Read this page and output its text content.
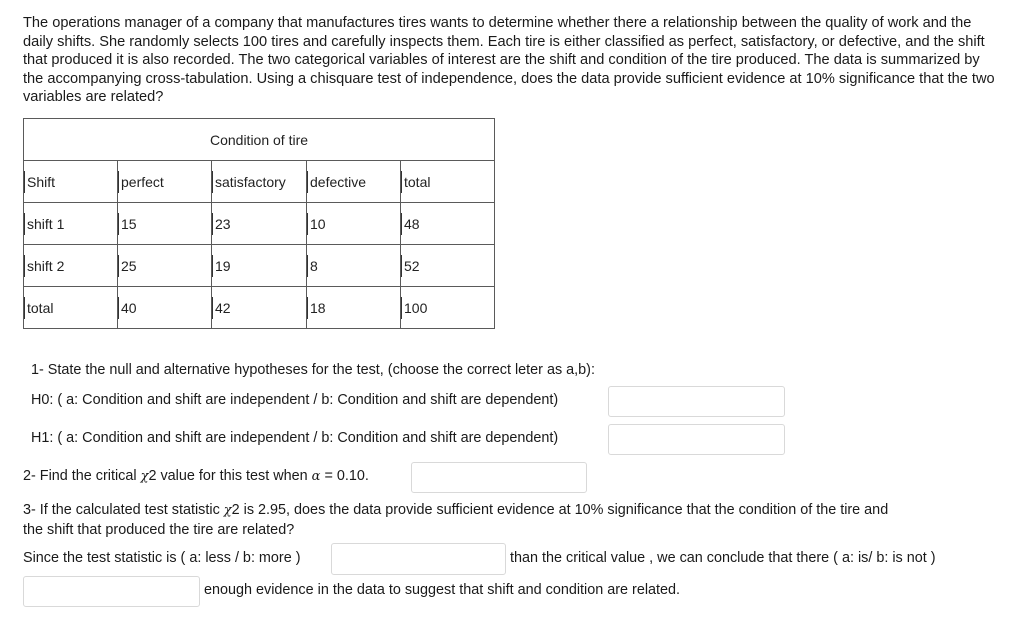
The operations manager of a company that manufactures tires wants to determine whether there a relationship between the quality of work and the daily shifts. She randomly selects 100 tires and carefully inspects them. Each tire is either classified as perfect, satisfactory, or defective, and the shift that produced it is also recorded. The two categorical variables of interest are the shift and condition of the tire produced. The data is summarized by the accompanying cross-tabulation. Using a chisquare test of independence, does the data provide sufficient evidence at 10% significance that the two variables are related?
Condition of tire				

Shift	perfect	satisfactory	defective	total

shift 1	15	23	10	48

shift 2	25	19	8	52

total	40	42	18	100
1- State the null and alternative hypotheses for the test, (choose the correct leter as a,b):
H0: ( a: Condition and shift are independent / b: Condition and shift are dependent)
H1: ( a: Condition and shift are independent / b: Condition and shift are dependent)
2- Find the critical χ2 value for this test when α = 0.10.
3- If the calculated test statistic χ2 is 2.95, does the data provide sufficient evidence at 10% significance that the condition of the tire and
the shift that produced the tire are related?
Since the test statistic is ( a: less / b: more )	than the critical value , we can conclude that there ( a: is/ b: is not )
enough evidence in the data to suggest that shift and condition are related.
